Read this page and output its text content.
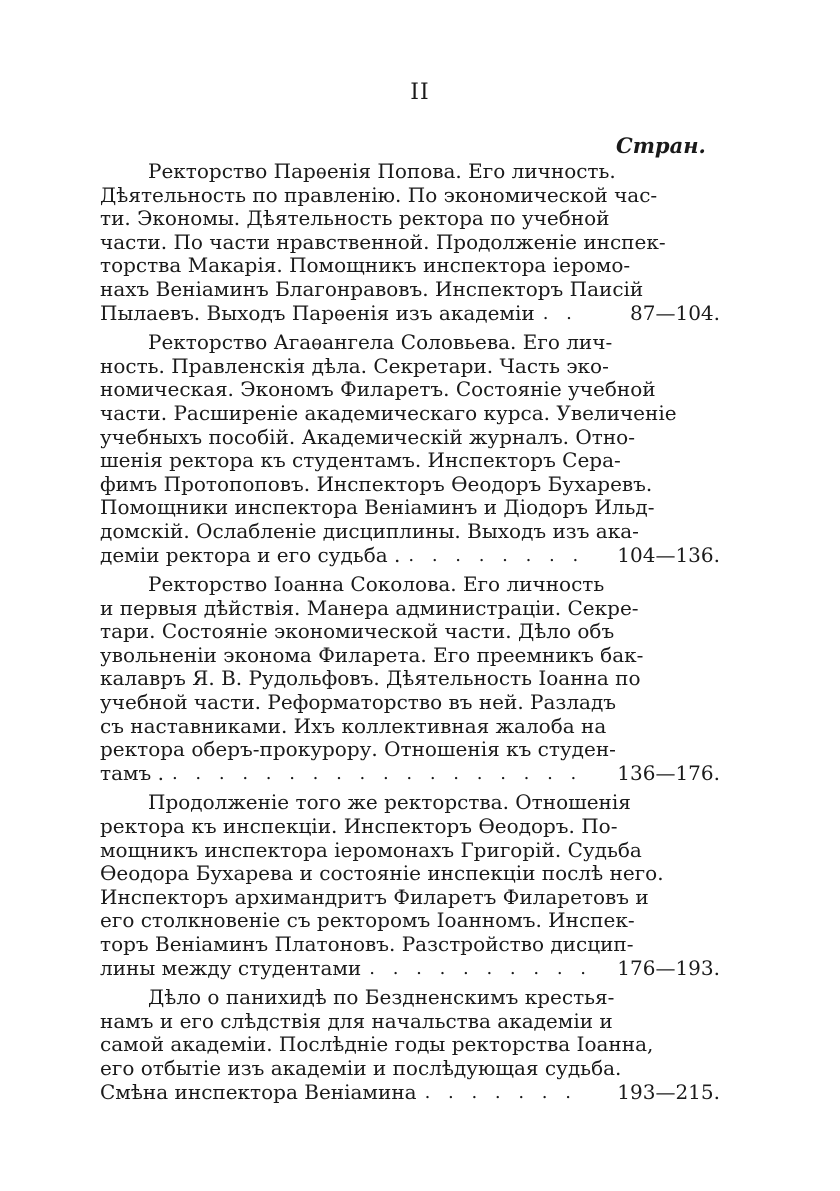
II
Стран.
Ректорство Парѳенія Попова. Его личность.
Дѣятельность по правленію. По экономической час-
ти. Экономы. Дѣятельность ректора по учебной
части. По части нравственной. Продолженіе инспек-
торства Макарія. Помощникъ инспектора іеромо-
нахъ Веніаминъ Благонравовъ. Инспекторъ Паисій
Пылаевъ. Выходъ Парѳенія изъ академіи . . .	87—104.
Ректорство Агаѳангела Соловьева. Его лич-
ность. Правленскія дѣла. Секретари. Часть эко-
номическая. Экономъ Филаретъ. Состояніе учебной
части. Расширеніе академическаго курса. Увеличеніе
учебныхъ пособій. Академическій журналъ. Отно-
шенія ректора къ студентамъ. Инспекторъ Сера-
фимъ Протопоповъ. Инспекторъ Ѳеодоръ Бухаревъ.
Помощники инспектора Веніаминъ и Діодоръ Ильд-
домскій. Ослабленіе дисциплины. Выходъ изъ ака-
деміи ректора и его судьба . . . .	104—136.
Ректорство Іоанна Соколова. Его личность
и первыя дѣйствія. Манера администраціи. Секре-
тари. Состояніе экономической части. Дѣло объ
увольненіи эконома Филарета. Его преемникъ бак-
калавръ Я. В. Рудольфовъ. Дѣятельность Іоанна по
учебной части. Реформаторство въ ней. Разладъ
съ наставниками. Ихъ коллективная жалоба на
ректора оберъ-прокурору. Отношенія къ студен-
тамъ . . . .	136—176.
Продолженіе того же ректорства. Отношенія
ректора къ инспекціи. Инспекторъ Ѳеодоръ. По-
мощникъ инспектора іеромонахъ Григорій. Судьба
Ѳеодора Бухарева и состояніе инспекціи послѣ него.
Инспекторъ архимандритъ Филаретъ Филаретовъ и
его столкновеніе съ ректоромъ Іоанномъ. Инспек-
торъ Веніаминъ Платоновъ. Разстройство дисцип-
лины между студентами . . .	176—193.
Дѣло о панихидѣ по Бездненскимъ крестья-
намъ и его слѣдствія для начальства академіи и
самой академіи. Послѣдніе годы ректорства Іоанна,
его отбытіе изъ академіи и послѣдующая судьба.
Смѣна инспектора Веніамина . . .	193—215.
